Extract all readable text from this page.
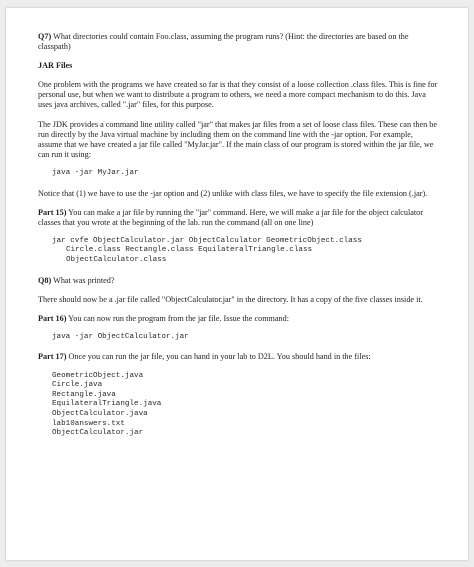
Q7) What directories could contain Foo.class, assuming the program runs? (Hint: the directories are based on the classpath)

JAR Files

One problem with the programs we have created so far is that they consist of a loose collection .class files. This is fine for personal use, but when we want to distribute a program to others, we need a more compact mechanism to do this. Java uses java archives, called ".jar" files, for this purpose.

The JDK provides a command line utility called "jar" that makes jar files from a set of loose class files. These can then be run directly by the Java virtual machine by including them on the command line with the -jar option. For example, assume that we have created a jar file called "MyJar.jar". If the main class of our program is stored within the jar file, we can run it using:

java -jar MyJar.jar

Notice that (1) we have to use the -jar option and (2) unlike with class files, we have to specify the file extension (.jar).

Part 15) You can make a jar file by running the "jar" command. Here, we will make a jar file for the object calculator classes that you wrote at the beginning of the lab. run the command (all on one line)

jar cvfe ObjectCalculator.jar ObjectCalculator GeometricObject.class
Circle.class Rectangle.class EquilateralTriangle.class
ObjectCalculator.class

Q8) What was printed?

There should now be a .jar file called "ObjectCalculator.jar" in the directory. It has a copy of the five classes inside it.

Part 16) You can now run the program from the jar file. Issue the command:

java -jar ObjectCalculator.jar

Part 17) Once you can run the jar file, you can hand in your lab to D2L. You should hand in the files:

GeometricObject.java
Circle.java
Rectangle.java
EquilateralTriangle.java
ObjectCalculator.java
lab10answers.txt
ObjectCalculator.jar
